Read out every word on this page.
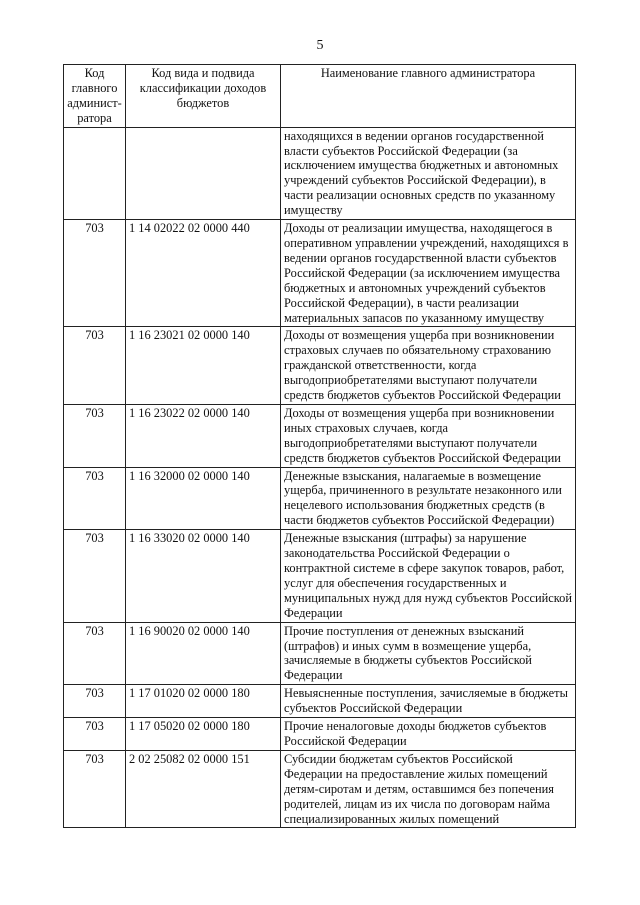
5
Код главного админист-ратора	Код вида и подвида классификации доходов бюджетов	Наименование главного администратора
		находящихся в ведении органов государственной власти субъектов Российской Федерации (за исключением имущества бюджетных и автономных учреждений субъектов Российской Федерации), в части реализации основных средств по указанному имуществу
703	1 14 02022 02 0000 440	Доходы от реализации имущества, находящегося в оперативном управлении учреждений, находящихся в ведении органов государственной власти субъектов Российской Федерации (за исключением имущества бюджетных и автономных учреждений субъектов Российской Федерации), в части реализации материальных запасов по указанному имуществу
703	1 16 23021 02 0000 140	Доходы от возмещения ущерба при возникновении страховых случаев по обязательному страхованию гражданской ответственности, когда выгодоприобретателями выступают получатели средств бюджетов субъектов Российской Федерации
703	1 16 23022 02 0000 140	Доходы от возмещения ущерба при возникновении иных страховых случаев, когда выгодоприобретателями выступают получатели средств бюджетов субъектов Российской Федерации
703	1 16 32000 02 0000 140	Денежные взыскания, налагаемые в возмещение ущерба, причиненного в результате незаконного или нецелевого использования бюджетных средств (в части бюджетов субъектов Российской Федерации)
703	1 16 33020 02 0000 140	Денежные взыскания (штрафы) за нарушение законодательства Российской Федерации о контрактной системе в сфере закупок товаров, работ, услуг для обеспечения государственных и муниципальных нужд для нужд субъектов Российской Федерации
703	1 16 90020 02 0000 140	Прочие поступления от денежных взысканий (штрафов) и иных сумм в возмещение ущерба, зачисляемые в бюджеты субъектов Российской Федерации
703	1 17 01020 02 0000 180	Невыясненные поступления, зачисляемые в бюджеты субъектов Российской Федерации
703	1 17 05020 02 0000 180	Прочие неналоговые доходы бюджетов субъектов Российской Федерации
703	2 02 25082 02 0000 151	Субсидии бюджетам субъектов Российской Федерации на предоставление жилых помещений детям-сиротам и детям, оставшимся без попечения родителей, лицам из их числа по договорам найма специализированных жилых помещений
